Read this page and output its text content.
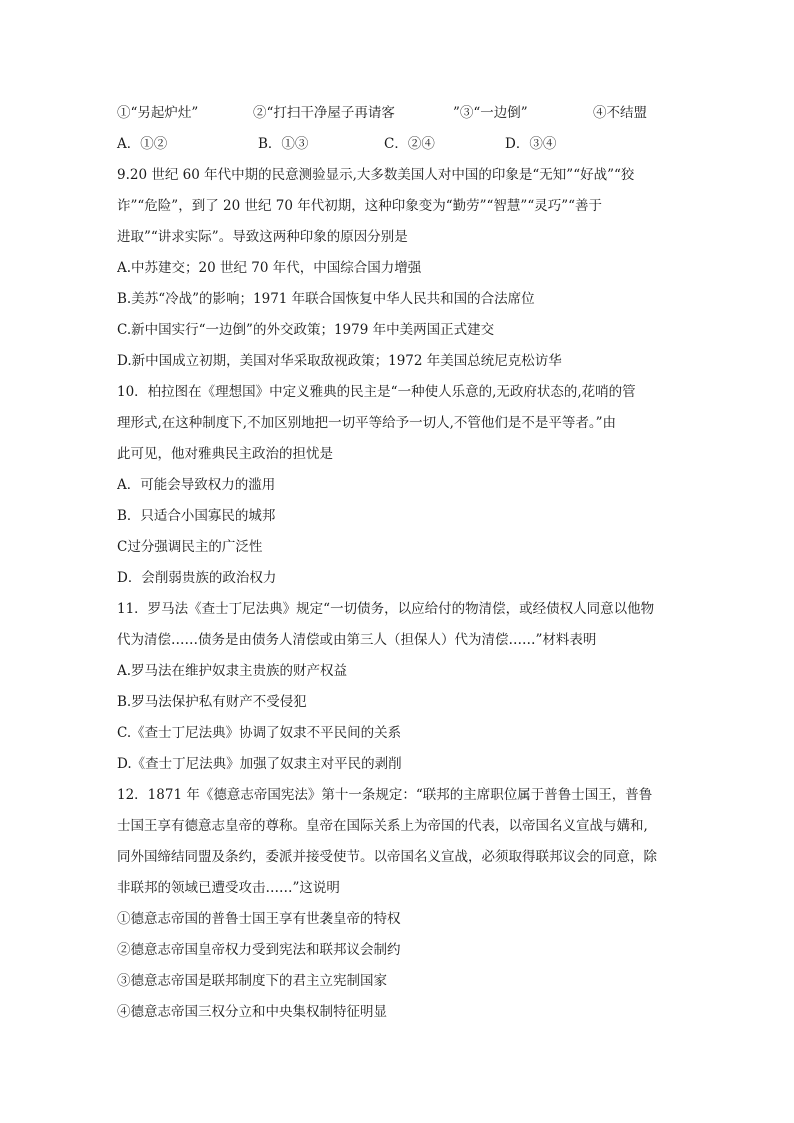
①“另起炉灶”	②“打扫干净屋子再请客	”③“一边倒”	④不结盟
A．①②	B．①③	C．②④	D．③④
9.20 世纪 60 年代中期的民意测验显示,大多数美国人对中国的印象是“无知”“好战”“狡
诈”“危险”，到了 20 世纪 70 年代初期，这种印象变为“勤劳”“智慧”“灵巧”“善于
进取”“讲求实际”。导致这两种印象的原因分别是
A.中苏建交；20 世纪 70 年代，中国综合国力增强
B.美苏“冷战”的影响；1971 年联合国恢复中华人民共和国的合法席位
C.新中国实行“一边倒”的外交政策；1979 年中美两国正式建交
D.新中国成立初期，美国对华采取敌视政策；1972 年美国总统尼克松访华
10．柏拉图在《理想国》中定义雅典的民主是“一种使人乐意的,无政府状态的,花哨的管
理形式,在这种制度下,不加区别地把一切平等给予一切人,不管他们是不是平等者。”由
此可见，他对雅典民主政治的担忧是
A．可能会导致权力的滥用
B．只适合小国寡民的城邦
C过分强调民主的广泛性
D．会削弱贵族的政治权力
11．罗马法《查士丁尼法典》规定“一切债务，以应给付的物清偿，或经债权人同意以他物
代为清偿……债务是由债务人清偿或由第三人（担保人）代为清偿……”材料表明
A.罗马法在维护奴隶主贵族的财产权益
B.罗马法保护私有财产不受侵犯
C.《查士丁尼法典》协调了奴隶不平民间的关系
D.《查士丁尼法典》加强了奴隶主对平民的剥削
12．1871 年《德意志帝国宪法》第十一条规定：“联邦的主席职位属于普鲁士国王，普鲁
士国王享有德意志皇帝的尊称。皇帝在国际关系上为帝国的代表，以帝国名义宣战与媾和,
同外国缔结同盟及条约，委派并接受使节。以帝国名义宣战，必须取得联邦议会的同意，除
非联邦的领域已遭受攻击……”这说明
①德意志帝国的普鲁士国王享有世袭皇帝的特权
②德意志帝国皇帝权力受到宪法和联邦议会制约
③德意志帝国是联邦制度下的君主立宪制国家
④德意志帝国三权分立和中央集权制特征明显
